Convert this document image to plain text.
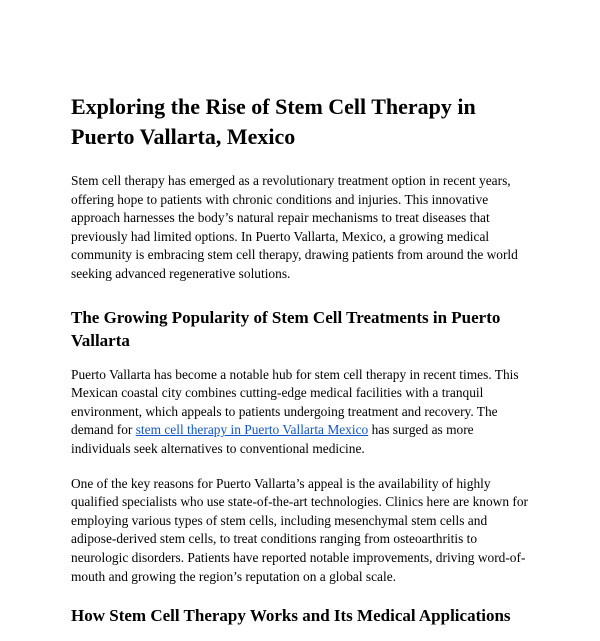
Exploring the Rise of Stem Cell Therapy in Puerto Vallarta, Mexico

Stem cell therapy has emerged as a revolutionary treatment option in recent years, offering hope to patients with chronic conditions and injuries. This innovative approach harnesses the body’s natural repair mechanisms to treat diseases that previously had limited options. In Puerto Vallarta, Mexico, a growing medical community is embracing stem cell therapy, drawing patients from around the world seeking advanced regenerative solutions.

The Growing Popularity of Stem Cell Treatments in Puerto Vallarta

Puerto Vallarta has become a notable hub for stem cell therapy in recent times. This Mexican coastal city combines cutting-edge medical facilities with a tranquil environment, which appeals to patients undergoing treatment and recovery. The demand for stem cell therapy in Puerto Vallarta Mexico has surged as more individuals seek alternatives to conventional medicine.

One of the key reasons for Puerto Vallarta’s appeal is the availability of highly qualified specialists who use state-of-the-art technologies. Clinics here are known for employing various types of stem cells, including mesenchymal stem cells and adipose-derived stem cells, to treat conditions ranging from osteoarthritis to neurologic disorders. Patients have reported notable improvements, driving word-of-mouth and growing the region’s reputation on a global scale.

How Stem Cell Therapy Works and Its Medical Applications
